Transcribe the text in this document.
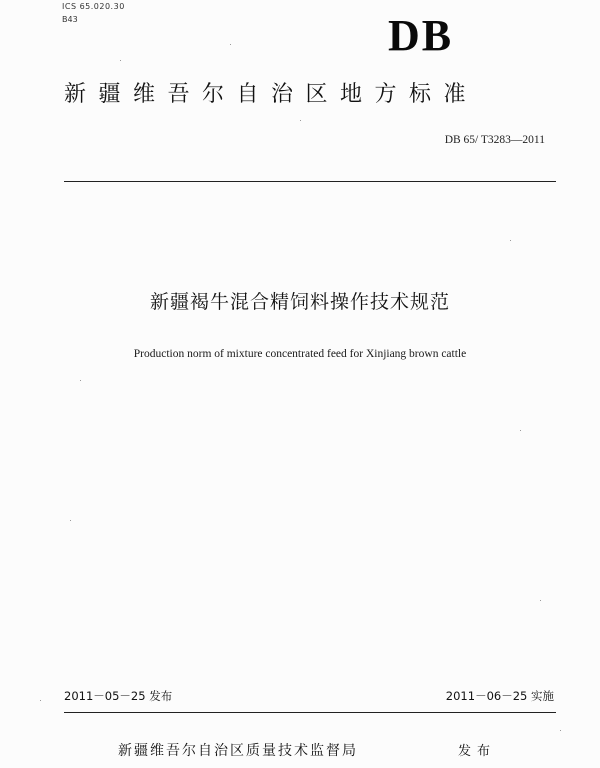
ICS 65.020.30
B43	DB
新疆维吾尔自治区地方标准
DB 65/ T3283—2011
新疆褐牛混合精饲料操作技术规范
Production norm of mixture concentrated feed for Xinjiang brown cattle
2011－05－25 发布	2011－06－25 实施
新疆维吾尔自治区质量技术监督局	发布
